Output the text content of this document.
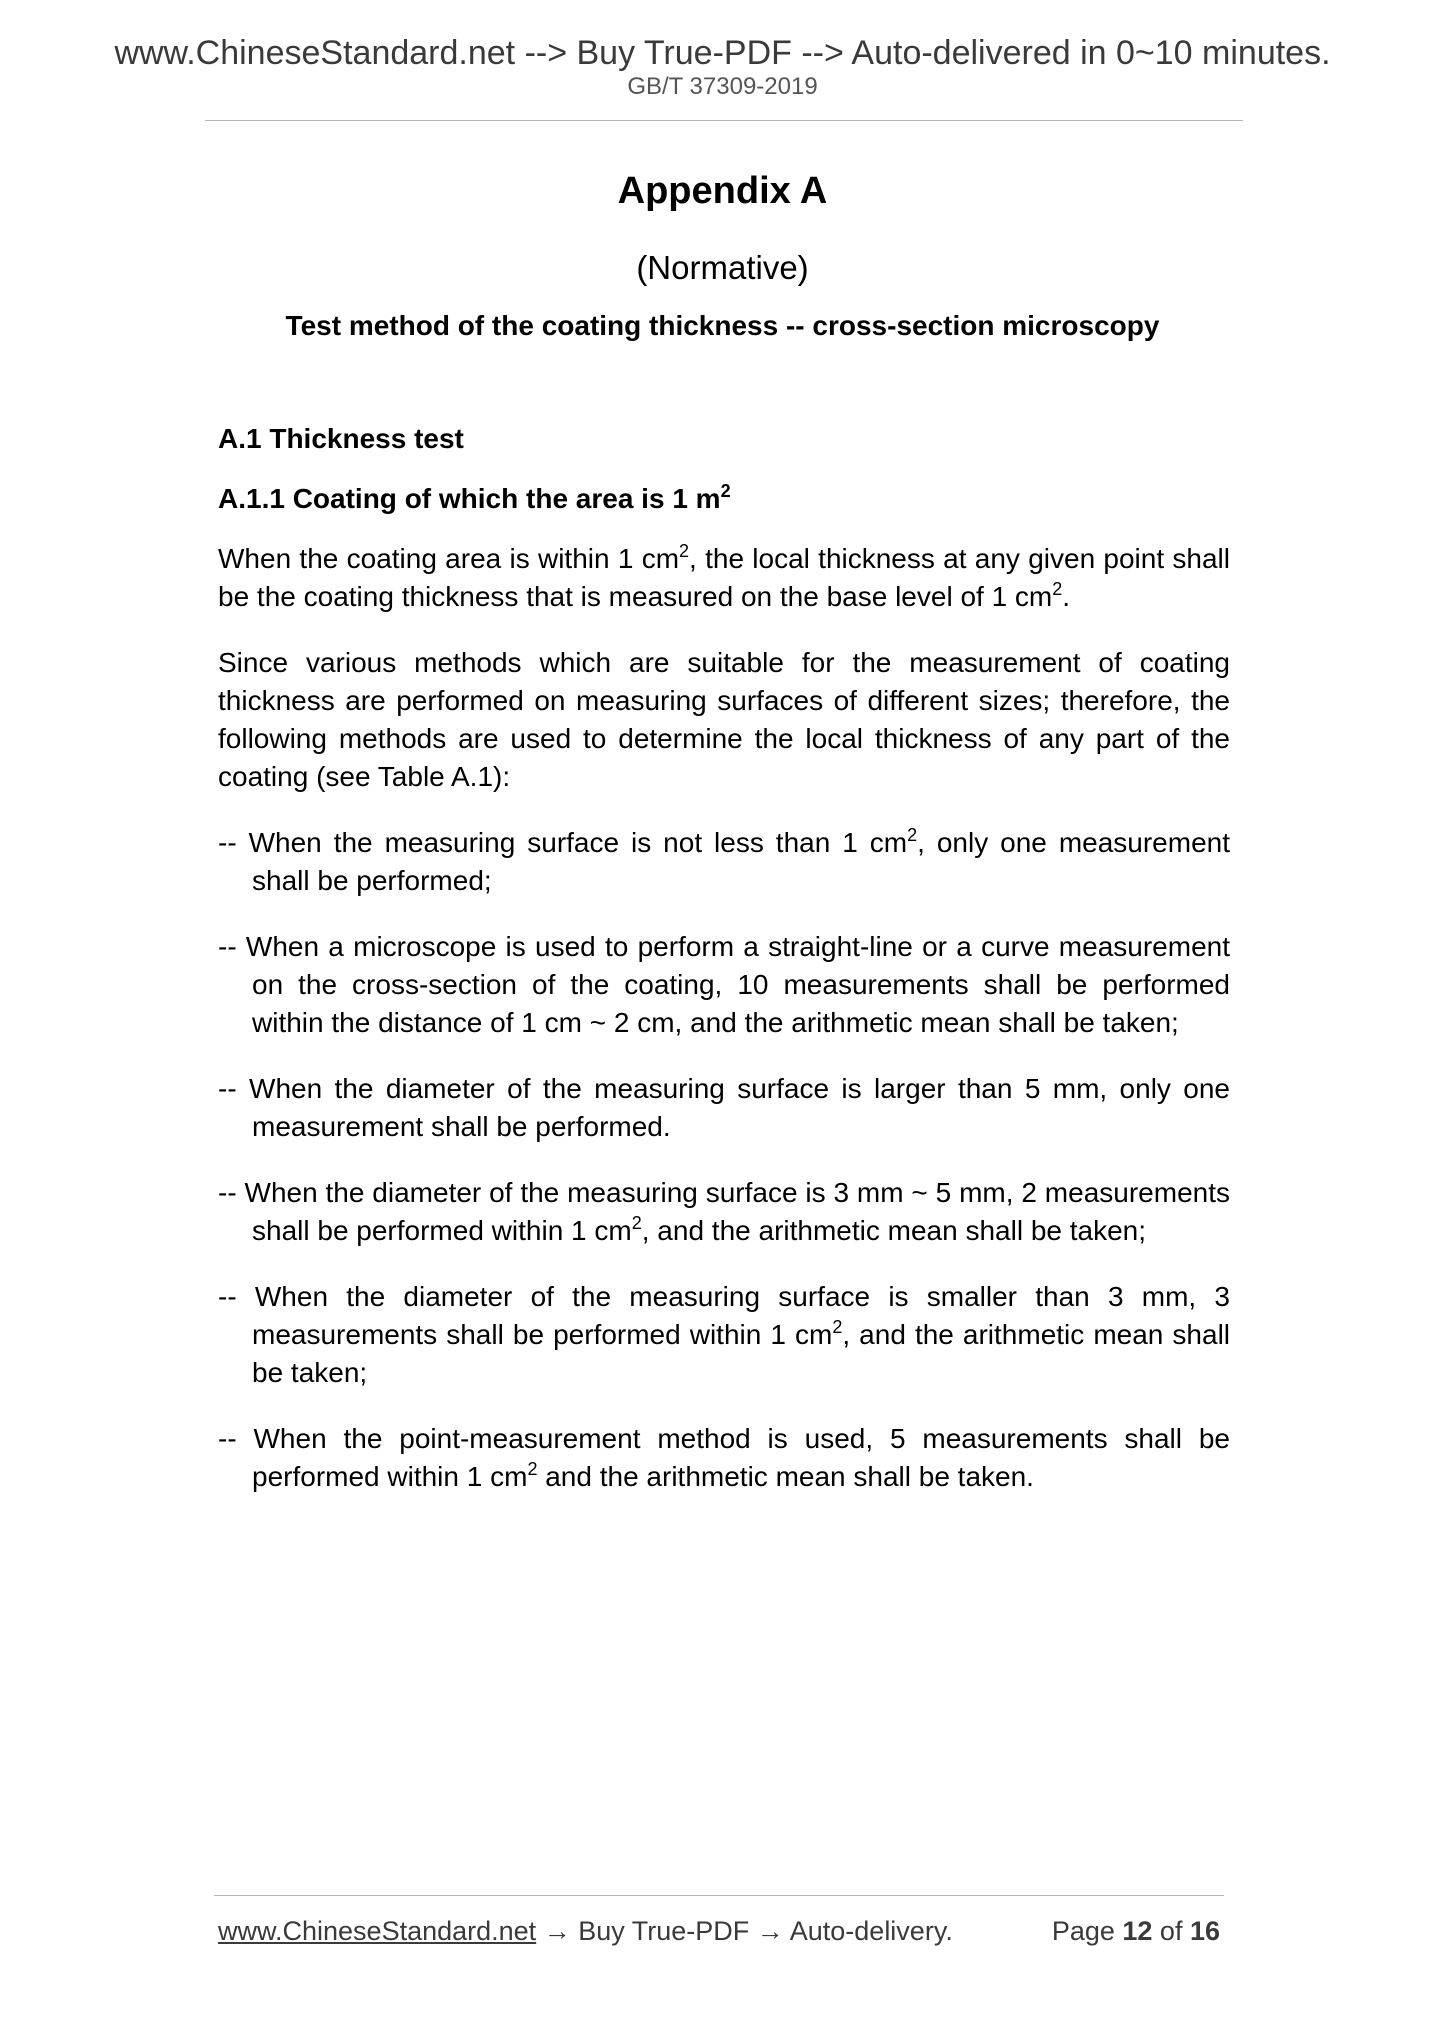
www.ChineseStandard.net --> Buy True-PDF --> Auto-delivered in 0~10 minutes.
GB/T 37309-2019
Appendix A
(Normative)
Test method of the coating thickness -- cross-section microscopy
A.1 Thickness test
A.1.1 Coating of which the area is 1 $m^2$

When the coating area is within 1 $cm^2$, the local thickness at any given point shall be the coating thickness that is measured on the base level of 1 $cm^2$.

Since various methods which are suitable for the measurement of coating thickness are performed on measuring surfaces of different sizes; therefore, the following methods are used to determine the local thickness of any part of the coating (see Table A.1):

-- When the measuring surface is not less than 1 $cm^2$, only one measurement shall be performed;
-- When a microscope is used to perform a straight-line or a curve measurement on the cross-section of the coating, 10 measurements shall be performed within the distance of 1 cm ~ 2 cm, and the arithmetic mean shall be taken;
-- When the diameter of the measuring surface is larger than 5 mm, only one measurement shall be performed.
-- When the diameter of the measuring surface is 3 mm ~ 5 mm, 2 measurements shall be performed within 1 $cm^2$, and the arithmetic mean shall be taken;
-- When the diameter of the measuring surface is smaller than 3 mm, 3 measurements shall be performed within 1 $cm^2$, and the arithmetic mean shall be taken;
-- When the point-measurement method is used, 5 measurements shall be performed within 1 $cm^2$ and the arithmetic mean shall be taken.
www.ChineseStandard.net → Buy True-PDF → Auto-delivery.	Page 12 of 16
